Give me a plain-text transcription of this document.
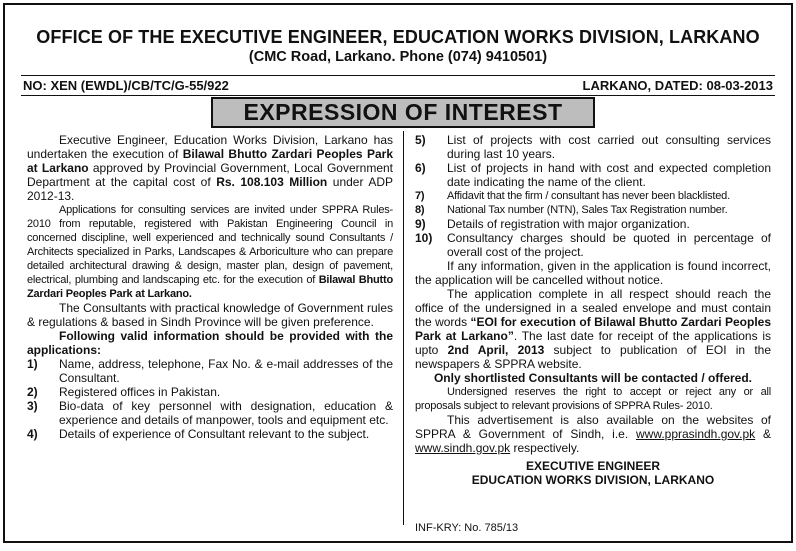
OFFICE OF THE EXECUTIVE ENGINEER, EDUCATION WORKS DIVISION, LARKANO
(CMC Road, Larkano. Phone (074) 9410501)
NO: XEN (EWDL)/CB/TC/G-55/922	LARKANO, DATED: 08-03-2013
EXPRESSION OF INTEREST

Executive Engineer, Education Works Division, Larkano has undertaken the execution of Bilawal Bhutto Zardari Peoples Park at Larkano approved by Provincial Government, Local Government Department at the capital cost of Rs. 108.103 Million under ADP 2012-13.

Applications for consulting services are invited under SPPRA Rules-2010 from reputable, registered with Pakistan Engineering Council in concerned discipline, well experienced and technically sound Consultants / Architects specialized in Parks, Landscapes & Arboriculture who can prepare detailed architectural drawing & design, master plan, design of pavement, electrical, plumbing and landscaping etc. for the execution of Bilawal Bhutto Zardari Peoples Park at Larkano.

The Consultants with practical knowledge of Government rules & regulations & based in Sindh Province will be given preference.

Following valid information should be provided with the applications:

1) Name, address, telephone, Fax No. & e-mail addresses of the Consultant.
2) Registered offices in Pakistan.
3) Bio-data of key personnel with designation, education & experience and details of manpower, tools and equipment etc.
4) Details of experience of Consultant relevant to the subject.
5) List of projects with cost carried out consulting services during last 10 years.
6) List of projects in hand with cost and expected completion date indicating the name of the client.
7) Affidavit that the firm / consultant has never been blacklisted.
8) National Tax number (NTN), Sales Tax Registration number.
9) Details of registration with major organization.
10) Consultancy charges should be quoted in percentage of overall cost of the project.

If any information, given in the application is found incorrect, the application will be cancelled without notice.

The application complete in all respect should reach the office of the undersigned in a sealed envelope and must contain the words “EOI for execution of Bilawal Bhutto Zardari Peoples Park at Larkano”. The last date for receipt of the applications is upto 2nd April, 2013 subject to publication of EOI in the newspapers & SPPRA website.

Only shortlisted Consultants will be contacted / offered.

Undersigned reserves the right to accept or reject any or all proposals subject to relevant provisions of SPPRA Rules- 2010.

This advertisement is also available on the websites of SPPRA & Government of Sindh, i.e. www.pprasindh.gov.pk & www.sindh.gov.pk respectively.

EXECUTIVE ENGINEER
EDUCATION WORKS DIVISION, LARKANO
INF-KRY: No. 785/13
